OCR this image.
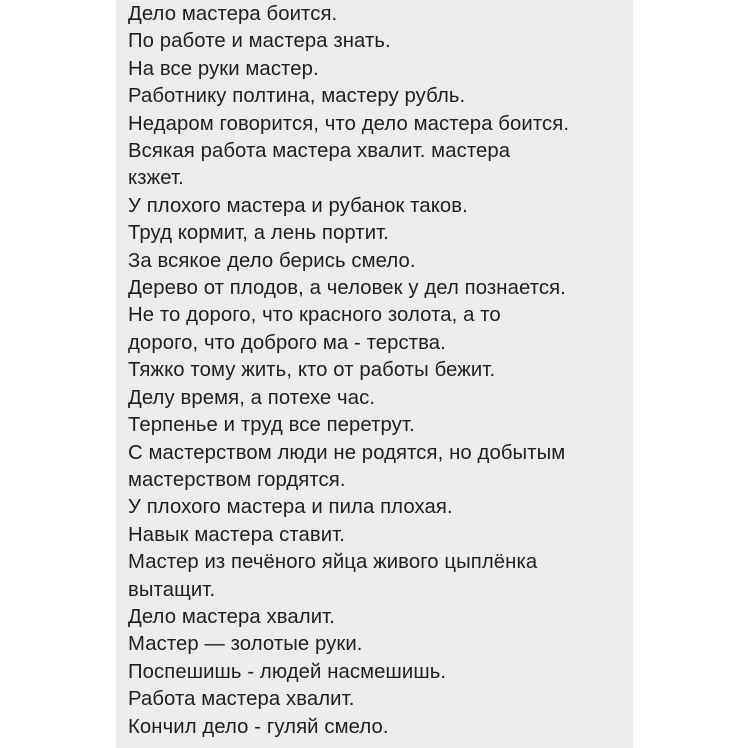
Дело мастера боится.
По работе и мастера знать.
На все руки мастер.
Работнику полтина, мастеру рубль.
Недаром говорится, что дело мастера боится.
Всякая работа мастера хвалит. мастера
кзжет.
У плохого мастера и рубанок таков.
Труд кормит, а лень портит.
За всякое дело берись смело.
Дерево от плодов, а человек у дел познается.
Не то дорого, что красного золота, а то
дорого, что доброго ма - терства.
Тяжко тому жить, кто от работы бежит.
Делу время, а потехе час.
Терпенье и труд все перетрут.
С мастерством люди не родятся, но добытым
мастерством гордятся.
У плохого мастера и пила плохая.
Навык мастера ставит.
Мастер из печёного яйца живого цыплёнка
вытащит.
Дело мастера хвалит.
Мастер — золотые руки.
Поспешишь - людей насмешишь.
Работа мастера хвалит.
Кончил дело - гуляй смело.
